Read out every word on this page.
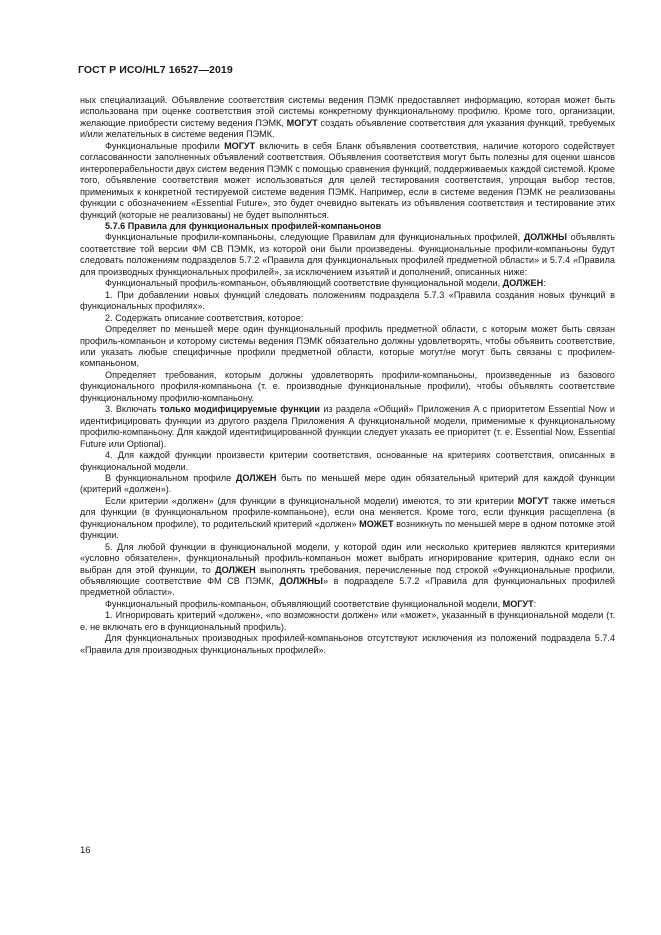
ГОСТ Р ИСО/HL7 16527—2019

ных специализаций. Объявление соответствия системы ведения ПЭМК предоставляет информацию, которая может быть использована при оценке соответствия этой системы конкретному функциональному профилю. Кроме того, организации, желающие приобрести систему ведения ПЭМК, МОГУТ создать объявление соответствия для указания функций, требуемых и/или желательных в системе ведения ПЭМК.

Функциональные профили МОГУТ включить в себя Бланк объявления соответствия, наличие которого содействует согласованности заполненных объявлений соответствия. Объявления соответствия могут быть полезны для оценки шансов интероперабельности двух систем ведения ПЭМК с помощью сравнения функций, поддерживаемых каждой системой. Кроме того, объявление соответствия может использоваться для целей тестирования соответствия, упрощая выбор тестов, применимых к конкретной тестируемой системе ведения ПЭМК. Например, если в системе ведения ПЭМК не реализованы функции с обозначением «Essential Future», это будет очевидно вытекать из объявления соответствия и тестирование этих функций (которые не реализованы) не будет выполняться.

5.7.6 Правила для функциональных профилей-компаньонов

Функциональные профили-компаньоны, следующие Правилам для функциональных профилей, ДОЛЖНЫ объявлять соответствие той версии ФМ СВ ПЭМК, из которой они были произведены. Функциональные профили-компаньоны будут следовать положениям подразделов 5.7.2 «Правила для функциональных профилей предметной области» и 5.7.4 «Правила для производных функциональных профилей», за исключением изъятий и дополнений, описанных ниже:

Функциональный профиль-компаньон, объявляющий соответствие функциональной модели, ДОЛЖЕН:

1. При добавлении новых функций следовать положениям подраздела 5.7.3 «Правила создания новых функций в функциональных профилях».

2. Содержать описание соответствия, которое:

Определяет по меньшей мере один функциональный профиль предметной области, с которым может быть связан профиль-компаньон и которому системы ведения ПЭМК обязательно должны удовлетворять, чтобы объявить соответствие, или указать любые специфичные профили предметной области, которые могут/не могут быть связаны с профилем-компаньоном,

Определяет требования, которым должны удовлетворять профили-компаньоны, произведенные из базового функционального профиля-компаньона (т. е. производные функциональные профили), чтобы объявлять соответствие функциональному профилю-компаньону.

3. Включать только модифицируемые функции из раздела «Общий» Приложения А с приоритетом Essential Now и идентифицировать функции из другого раздела Приложения А функциональной модели, применимые к функциональному профилю-компаньону. Для каждой идентифицированной функции следует указать ее приоритет (т. е. Essential Now, Essential Future или Optional).

4. Для каждой функции произвести критерии соответствия, основанные на критериях соответствия, описанных в функциональной модели.

В функциональном профиле ДОЛЖЕН быть по меньшей мере один обязательный критерий для каждой функции (критерий «должен»).

Если критерии «должен» (для функции в функциональной модели) имеются, то эти критерии МОГУТ также иметься для функции (в функциональном профиле-компаньоне), если она меняется. Кроме того, если функция расщеплена (в функциональном профиле), то родительский критерий «должен» МОЖЕТ возникнуть по меньшей мере в одном потомке этой функции.

5. Для любой функции в функциональной модели, у которой один или несколько критериев являются критериями «условно обязателен», функциональный профиль-компаньон может выбрать игнорирование критерия, однако если он выбран для этой функции, то ДОЛЖЕН выполнять требования, перечисленные под строкой «Функциональные профили, объявляющие соответствие ФМ СВ ПЭМК, ДОЛЖНЫ» в подразделе 5.7.2 «Правила для функциональных профилей предметной области».

Функциональный профиль-компаньон, объявляющий соответствие функциональной модели, МОГУТ:

1. Игнорировать критерий «должен», «по возможности должен» или «может», указанный в функциональной модели (т. е. не включать его в функциональный профиль).

Для функциональных производных профилей-компаньонов отсутствуют исключения из положений подраздела 5.7.4 «Правила для производных функциональных профилей».

16
